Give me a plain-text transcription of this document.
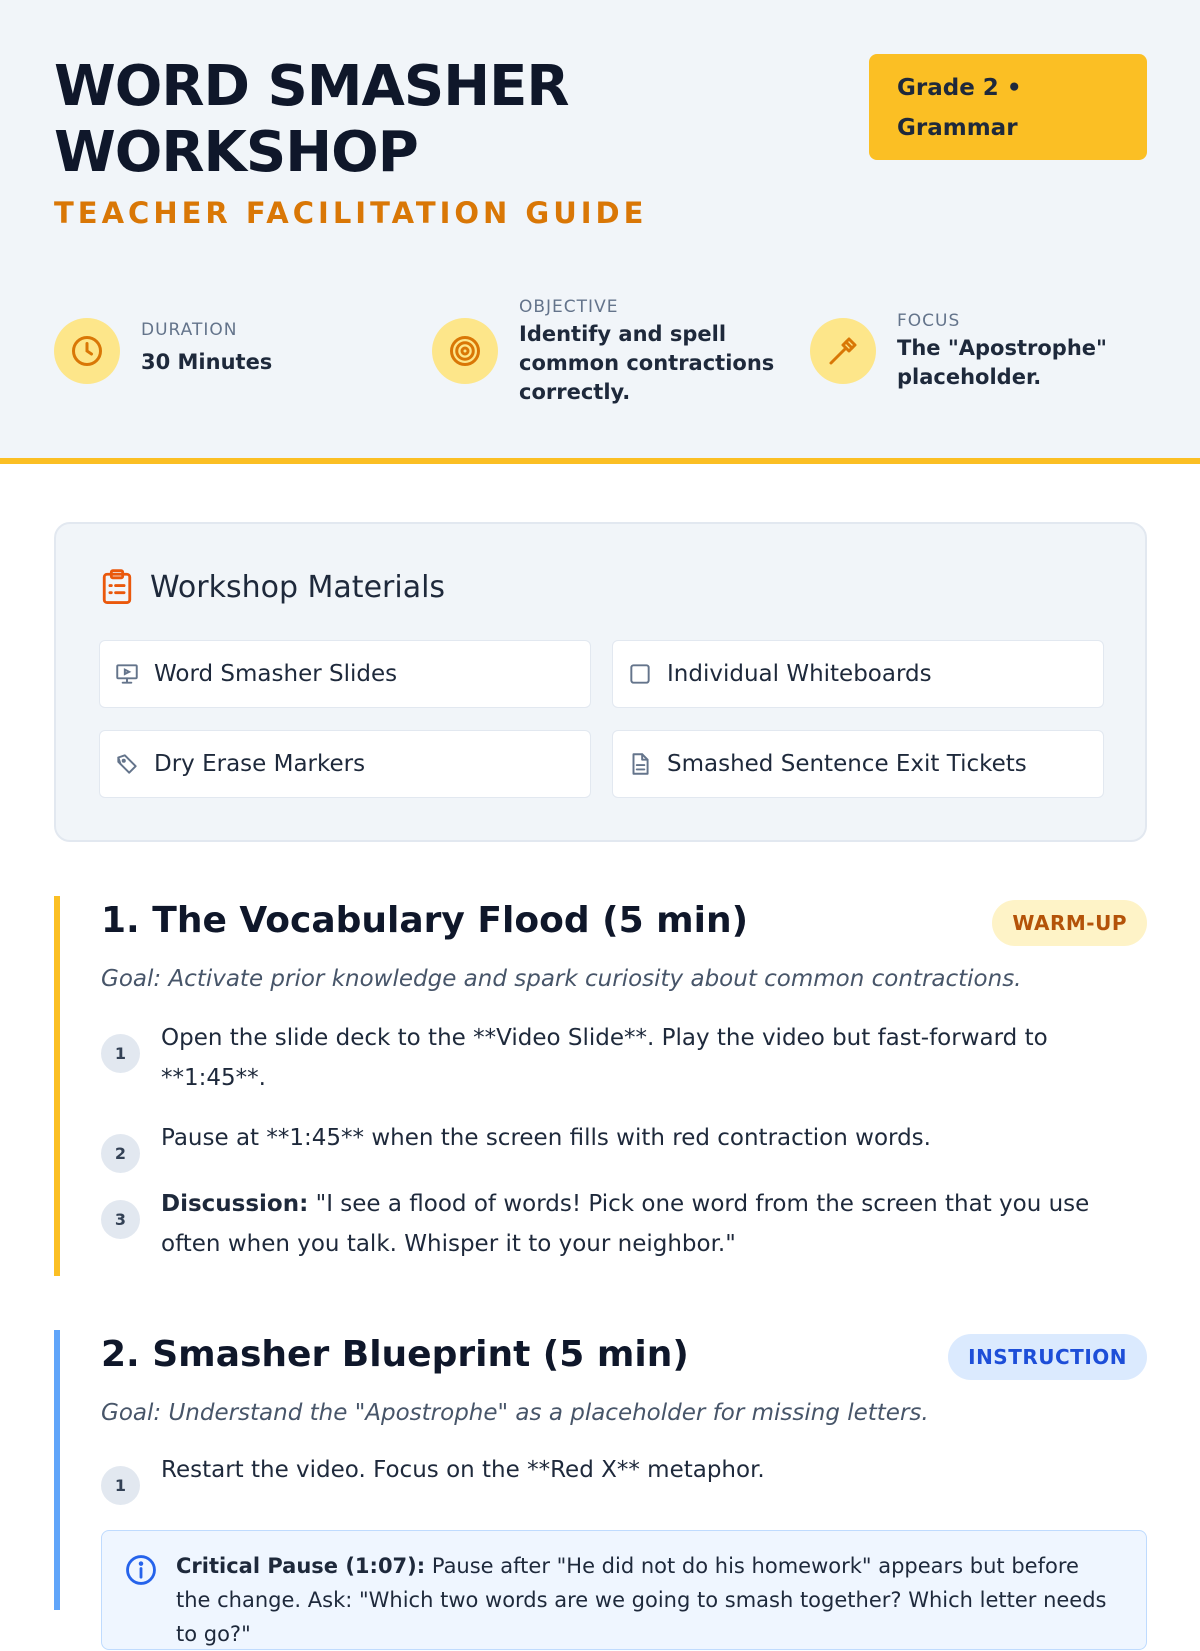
WORD SMASHER WORKSHOP
TEACHER FACILITATION GUIDE
Grade 2 • Grammar
DURATION
30 Minutes
OBJECTIVE
Identify and spell common contractions correctly.
FOCUS
The "Apostrophe" placeholder.
Workshop Materials
Word Smasher Slides	Individual Whiteboards
Dry Erase Markers	Smashed Sentence Exit Tickets
1. The Vocabulary Flood (5 min)	WARM-UP
Goal: Activate prior knowledge and spark curiosity about common contractions.
1
Open the slide deck to the **Video Slide**. Play the video but fast-forward to **1:45**.
2
Pause at **1:45** when the screen fills with red contraction words.
3
Discussion: "I see a flood of words! Pick one word from the screen that you use often when you talk. Whisper it to your neighbor."
2. Smasher Blueprint (5 min)	INSTRUCTION
Goal: Understand the "Apostrophe" as a placeholder for missing letters.
1
Restart the video. Focus on the **Red X** metaphor.
Critical Pause (1:07): Pause after "He did not do his homework" appears but before the change. Ask: "Which two words are we going to smash together? Which letter needs to go?"
